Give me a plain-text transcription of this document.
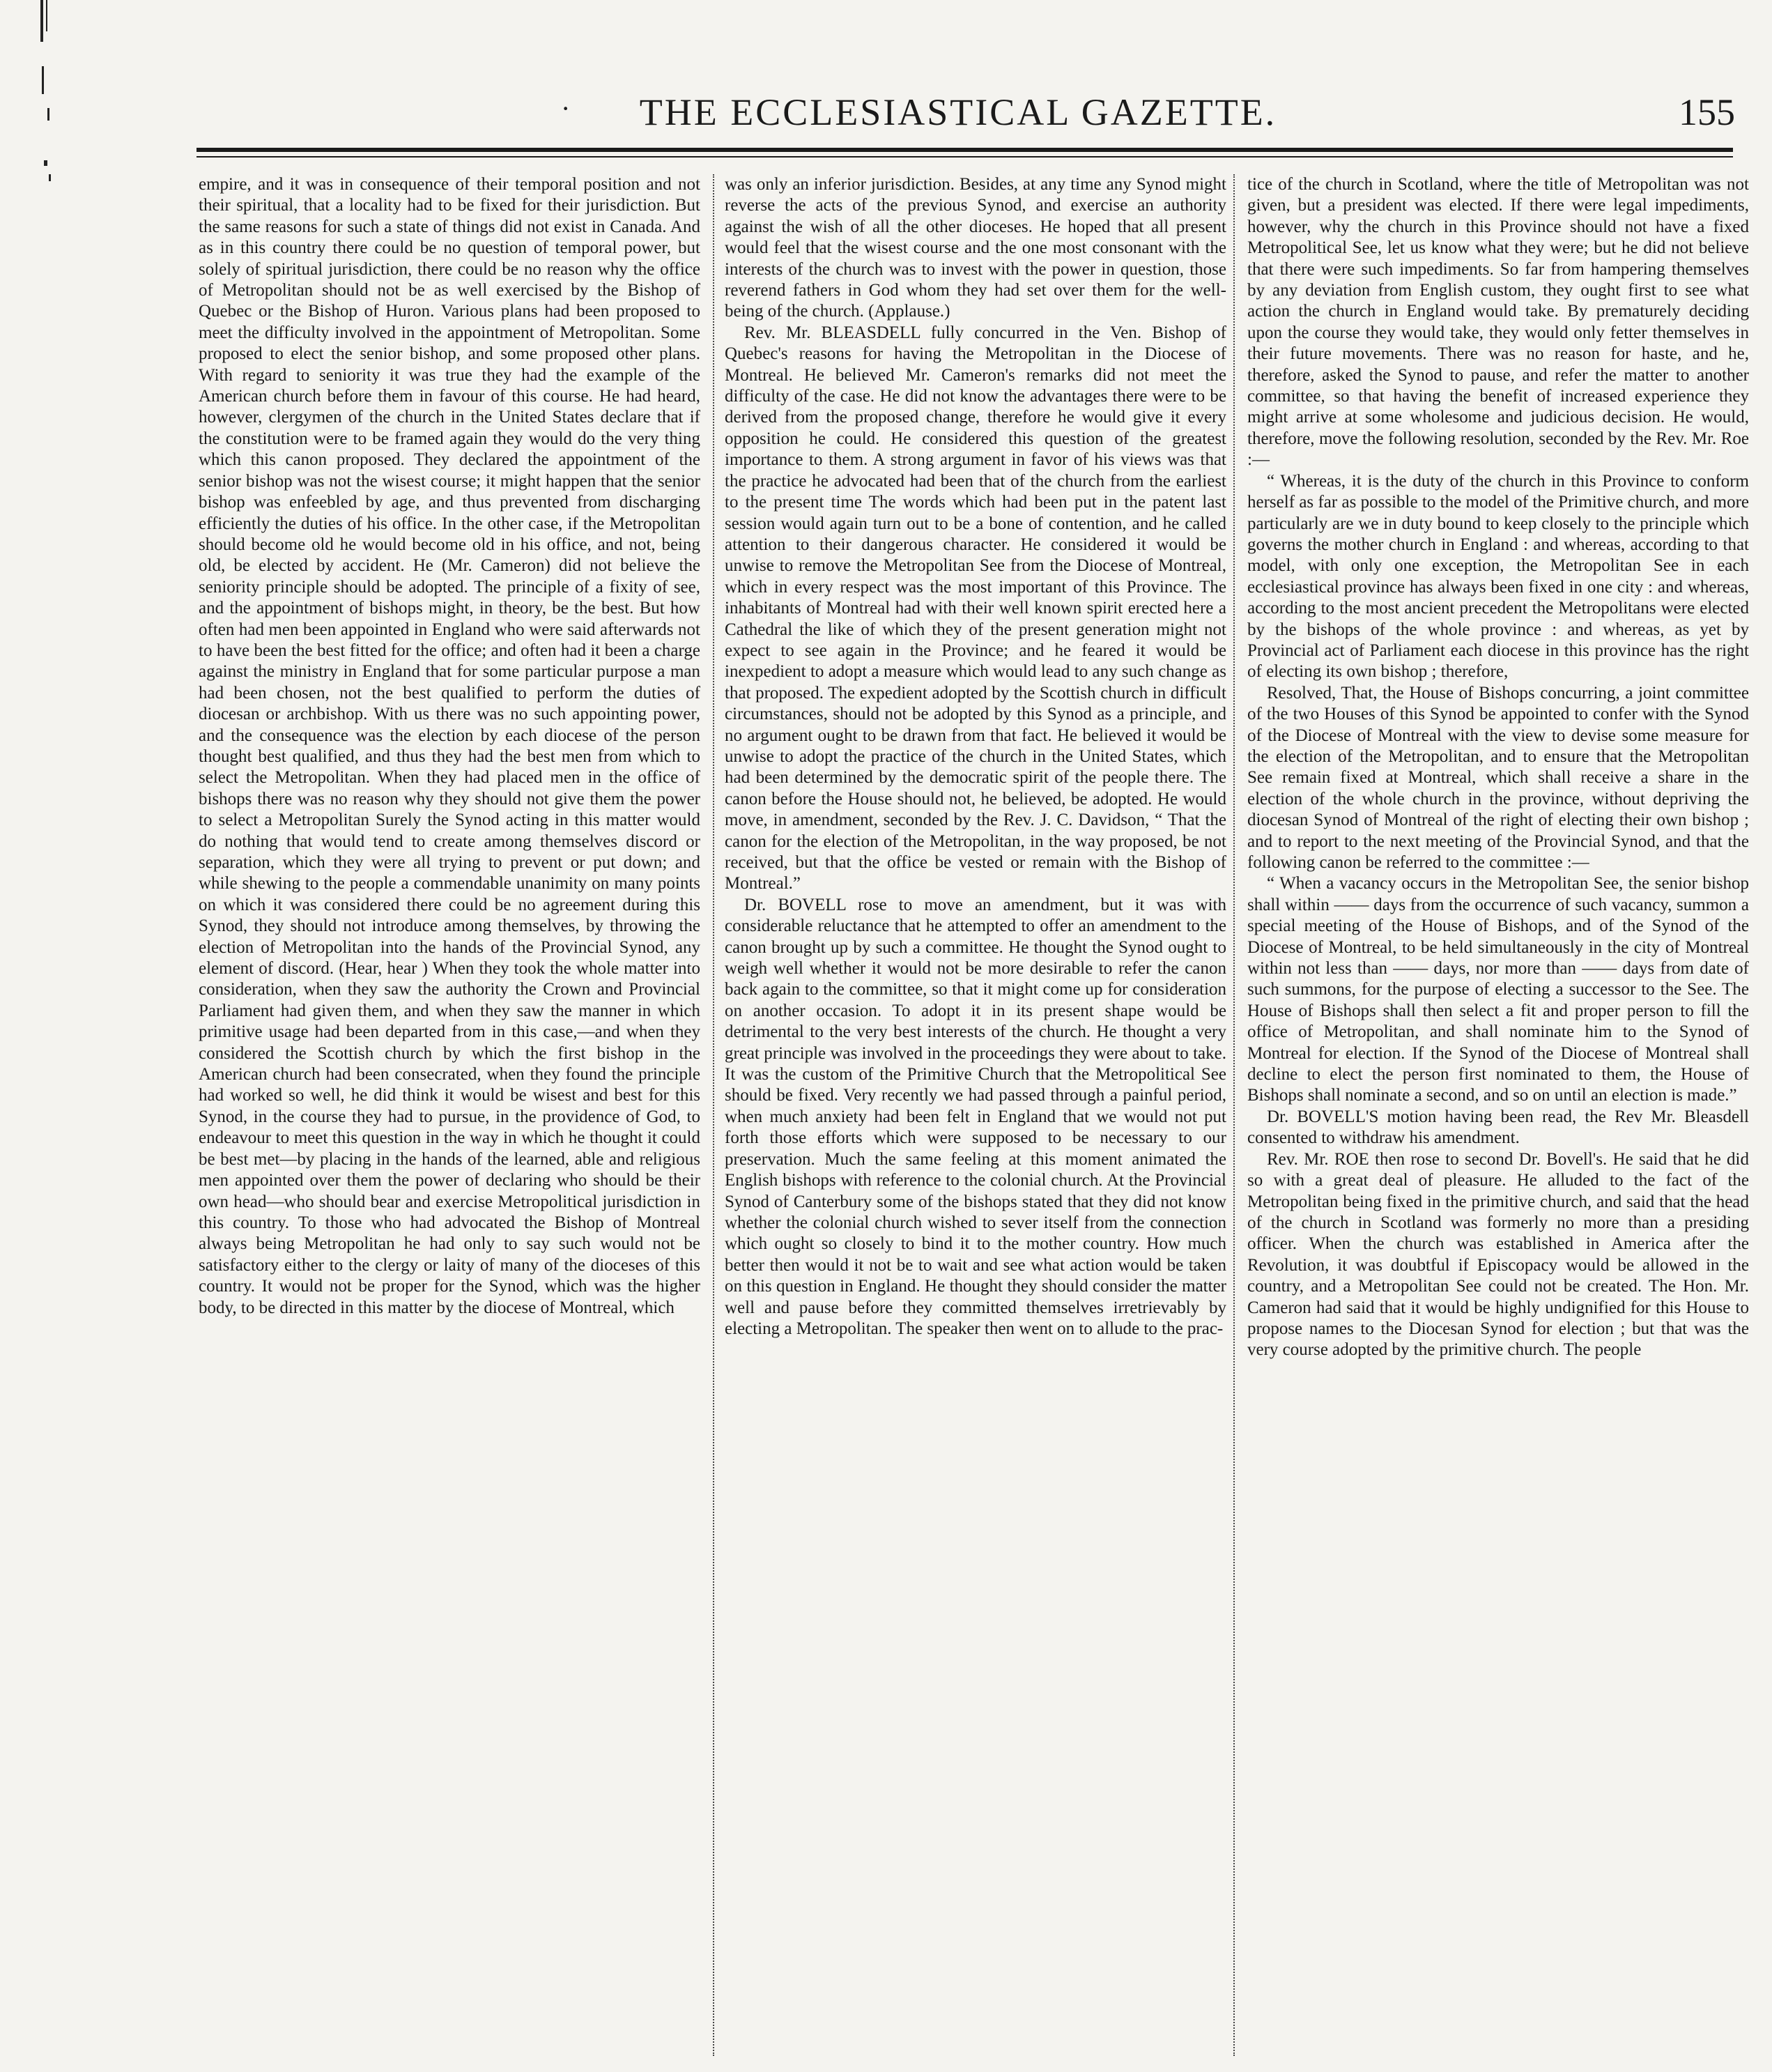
·	THE ECCLESIASTICAL GAZETTE.	155

empire, and it was in consequence of their temporal position and not their spiritual, that a locality had to be fixed for their jurisdiction. But the same reasons for such a state of things did not exist in Canada. And as in this country there could be no question of temporal power, but solely of spiritual jurisdiction, there could be no reason why the office of Metropolitan should not be as well exercised by the Bishop of Quebec or the Bishop of Huron. Various plans had been proposed to meet the difficulty involved in the appointment of Metropolitan. Some proposed to elect the senior bishop, and some proposed other plans. With regard to seniority it was true they had the example of the American church before them in favour of this course. He had heard, however, clergymen of the church in the United States declare that if the constitution were to be framed again they would do the very thing which this canon proposed. They declared the appointment of the senior bishop was not the wisest course; it might happen that the senior bishop was enfeebled by age, and thus prevented from discharging efficiently the duties of his office. In the other case, if the Metropolitan should become old he would become old in his office, and not, being old, be elected by accident. He (Mr. Cameron) did not believe the seniority principle should be adopted. The principle of a fixity of see, and the appointment of bishops might, in theory, be the best. But how often had men been appointed in England who were said afterwards not to have been the best fitted for the office; and often had it been a charge against the ministry in England that for some particular purpose a man had been chosen, not the best qualified to perform the duties of diocesan or archbishop. With us there was no such appointing power, and the consequence was the election by each diocese of the person thought best qualified, and thus they had the best men from which to select the Metropolitan. When they had placed men in the office of bishops there was no reason why they should not give them the power to select a Metropolitan Surely the Synod acting in this matter would do nothing that would tend to create among themselves discord or separation, which they were all trying to prevent or put down; and while shewing to the people a commendable unanimity on many points on which it was considered there could be no agreement during this Synod, they should not introduce among themselves, by throwing the election of Metropolitan into the hands of the Provincial Synod, any element of discord. (Hear, hear ) When they took the whole matter into consideration, when they saw the authority the Crown and Provincial Parliament had given them, and when they saw the manner in which primitive usage had been departed from in this case,—and when they considered the Scottish church by which the first bishop in the American church had been consecrated, when they found the principle had worked so well, he did think it would be wisest and best for this Synod, in the course they had to pursue, in the providence of God, to endeavour to meet this question in the way in which he thought it could be best met—by placing in the hands of the learned, able and religious men appointed over them the power of declaring who should be their own head—who should bear and exercise Metropolitical jurisdiction in this country. To those who had advocated the Bishop of Montreal always being Metropolitan he had only to say such would not be satisfactory either to the clergy or laity of many of the dioceses of this country. It would not be proper for the Synod, which was the higher body, to be directed in this matter by the diocese of Montreal, which

was only an inferior jurisdiction. Besides, at any time any Synod might reverse the acts of the previous Synod, and exercise an authority against the wish of all the other dioceses. He hoped that all present would feel that the wisest course and the one most consonant with the interests of the church was to invest with the power in question, those reverend fathers in God whom they had set over them for the well-being of the church. (Applause.)

Rev. Mr. BLEASDELL fully concurred in the Ven. Bishop of Quebec's reasons for having the Metropolitan in the Diocese of Montreal. He believed Mr. Cameron's remarks did not meet the difficulty of the case. He did not know the advantages there were to be derived from the proposed change, therefore he would give it every opposition he could. He considered this question of the greatest importance to them. A strong argument in favor of his views was that the practice he advocated had been that of the church from the earliest to the present time The words which had been put in the patent last session would again turn out to be a bone of contention, and he called attention to their dangerous character. He considered it would be unwise to remove the Metropolitan See from the Diocese of Montreal, which in every respect was the most important of this Province. The inhabitants of Montreal had with their well known spirit erected here a Cathedral the like of which they of the present generation might not expect to see again in the Province; and he feared it would be inexpedient to adopt a measure which would lead to any such change as that proposed. The expedient adopted by the Scottish church in difficult circumstances, should not be adopted by this Synod as a principle, and no argument ought to be drawn from that fact. He believed it would be unwise to adopt the practice of the church in the United States, which had been determined by the democratic spirit of the people there. The canon before the House should not, he believed, be adopted. He would move, in amendment, seconded by the Rev. J. C. Davidson, “ That the canon for the election of the Metropolitan, in the way proposed, be not received, but that the office be vested or remain with the Bishop of Montreal.”

Dr. BOVELL rose to move an amendment, but it was with considerable reluctance that he attempted to offer an amendment to the canon brought up by such a committee. He thought the Synod ought to weigh well whether it would not be more desirable to refer the canon back again to the committee, so that it might come up for consideration on another occasion. To adopt it in its present shape would be detrimental to the very best interests of the church. He thought a very great principle was involved in the proceedings they were about to take. It was the custom of the Primitive Church that the Metropolitical See should be fixed. Very recently we had passed through a painful period, when much anxiety had been felt in England that we would not put forth those efforts which were supposed to be necessary to our preservation. Much the same feeling at this moment animated the English bishops with reference to the colonial church. At the Provincial Synod of Canterbury some of the bishops stated that they did not know whether the colonial church wished to sever itself from the connection which ought so closely to bind it to the mother country. How much better then would it not be to wait and see what action would be taken on this question in England. He thought they should consider the matter well and pause before they committed themselves irretrievably by electing a Metropolitan. The speaker then went on to allude to the prac-

tice of the church in Scotland, where the title of Metropolitan was not given, but a president was elected. If there were legal impediments, however, why the church in this Province should not have a fixed Metropolitical See, let us know what they were; but he did not believe that there were such impediments. So far from hampering themselves by any deviation from English custom, they ought first to see what action the church in England would take. By prematurely deciding upon the course they would take, they would only fetter themselves in their future movements. There was no reason for haste, and he, therefore, asked the Synod to pause, and refer the matter to another committee, so that having the benefit of increased experience they might arrive at some wholesome and judicious decision. He would, therefore, move the following resolution, seconded by the Rev. Mr. Roe :—

“ Whereas, it is the duty of the church in this Province to conform herself as far as possible to the model of the Primitive church, and more particularly are we in duty bound to keep closely to the principle which governs the mother church in England : and whereas, according to that model, with only one exception, the Metropolitan See in each ecclesiastical province has always been fixed in one city : and whereas, according to the most ancient precedent the Metropolitans were elected by the bishops of the whole province : and whereas, as yet by Provincial act of Parliament each diocese in this province has the right of electing its own bishop ; therefore,

Resolved, That, the House of Bishops concurring, a joint committee of the two Houses of this Synod be appointed to confer with the Synod of the Diocese of Montreal with the view to devise some measure for the election of the Metropolitan, and to ensure that the Metropolitan See remain fixed at Montreal, which shall receive a share in the election of the whole church in the province, without depriving the diocesan Synod of Montreal of the right of electing their own bishop ; and to report to the next meeting of the Provincial Synod, and that the following canon be referred to the committee :—

“ When a vacancy occurs in the Metropolitan See, the senior bishop shall within —— days from the occurrence of such vacancy, summon a special meeting of the House of Bishops, and of the Synod of the Diocese of Montreal, to be held simultaneously in the city of Montreal within not less than —— days, nor more than —— days from date of such summons, for the purpose of electing a successor to the See. The House of Bishops shall then select a fit and proper person to fill the office of Metropolitan, and shall nominate him to the Synod of Montreal for election. If the Synod of the Diocese of Montreal shall decline to elect the person first nominated to them, the House of Bishops shall nominate a second, and so on until an election is made.”

Dr. BOVELL'S motion having been read, the Rev Mr. Bleasdell consented to withdraw his amendment.

Rev. Mr. ROE then rose to second Dr. Bovell's. He said that he did so with a great deal of pleasure. He alluded to the fact of the Metropolitan being fixed in the primitive church, and said that the head of the church in Scotland was formerly no more than a presiding officer. When the church was established in America after the Revolution, it was doubtful if Episcopacy would be allowed in the country, and a Metropolitan See could not be created. The Hon. Mr. Cameron had said that it would be highly undignified for this House to propose names to the Diocesan Synod for election ; but that was the very course adopted by the primitive church. The people
